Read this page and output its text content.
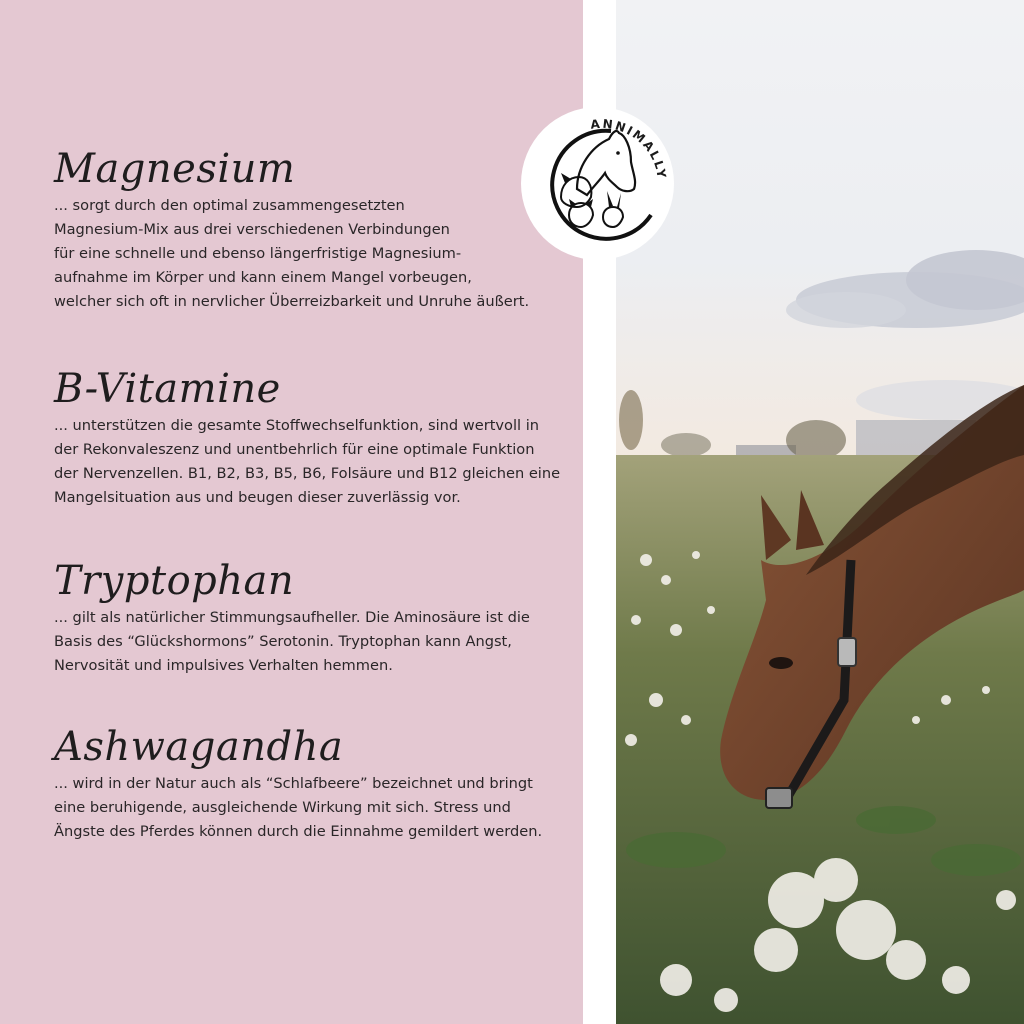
Magnesium

... sorgt durch den optimal zusammengesetzten
Magnesium-Mix aus drei verschiedenen Verbindungen
für eine schnelle und ebenso längerfristige Magnesium-
aufnahme im Körper und kann einem Mangel vorbeugen,
welcher sich oft in nervlicher Überreizbarkeit und Unruhe äußert.

B-Vitamine

... unterstützen die gesamte Stoffwechselfunktion, sind wertvoll in
der Rekonvaleszenz und unentbehrlich für eine optimale Funktion
der Nervenzellen. B1, B2, B3, B5, B6, Folsäure und B12 gleichen eine
Mangelsituation aus und beugen dieser zuverlässig vor.

Tryptophan

... gilt als natürlicher Stimmungsaufheller. Die Aminosäure ist die
Basis des “Glückshormons” Serotonin. Tryptophan kann Angst,
Nervosität und impulsives Verhalten hemmen.

Ashwagandha

... wird in der Natur auch als “Schlafbeere” bezeichnet und bringt
eine beruhigende, ausgleichende Wirkung mit sich. Stress und
Ängste des Pferdes können durch die Einnahme gemildert werden.

ANNIMALLY
